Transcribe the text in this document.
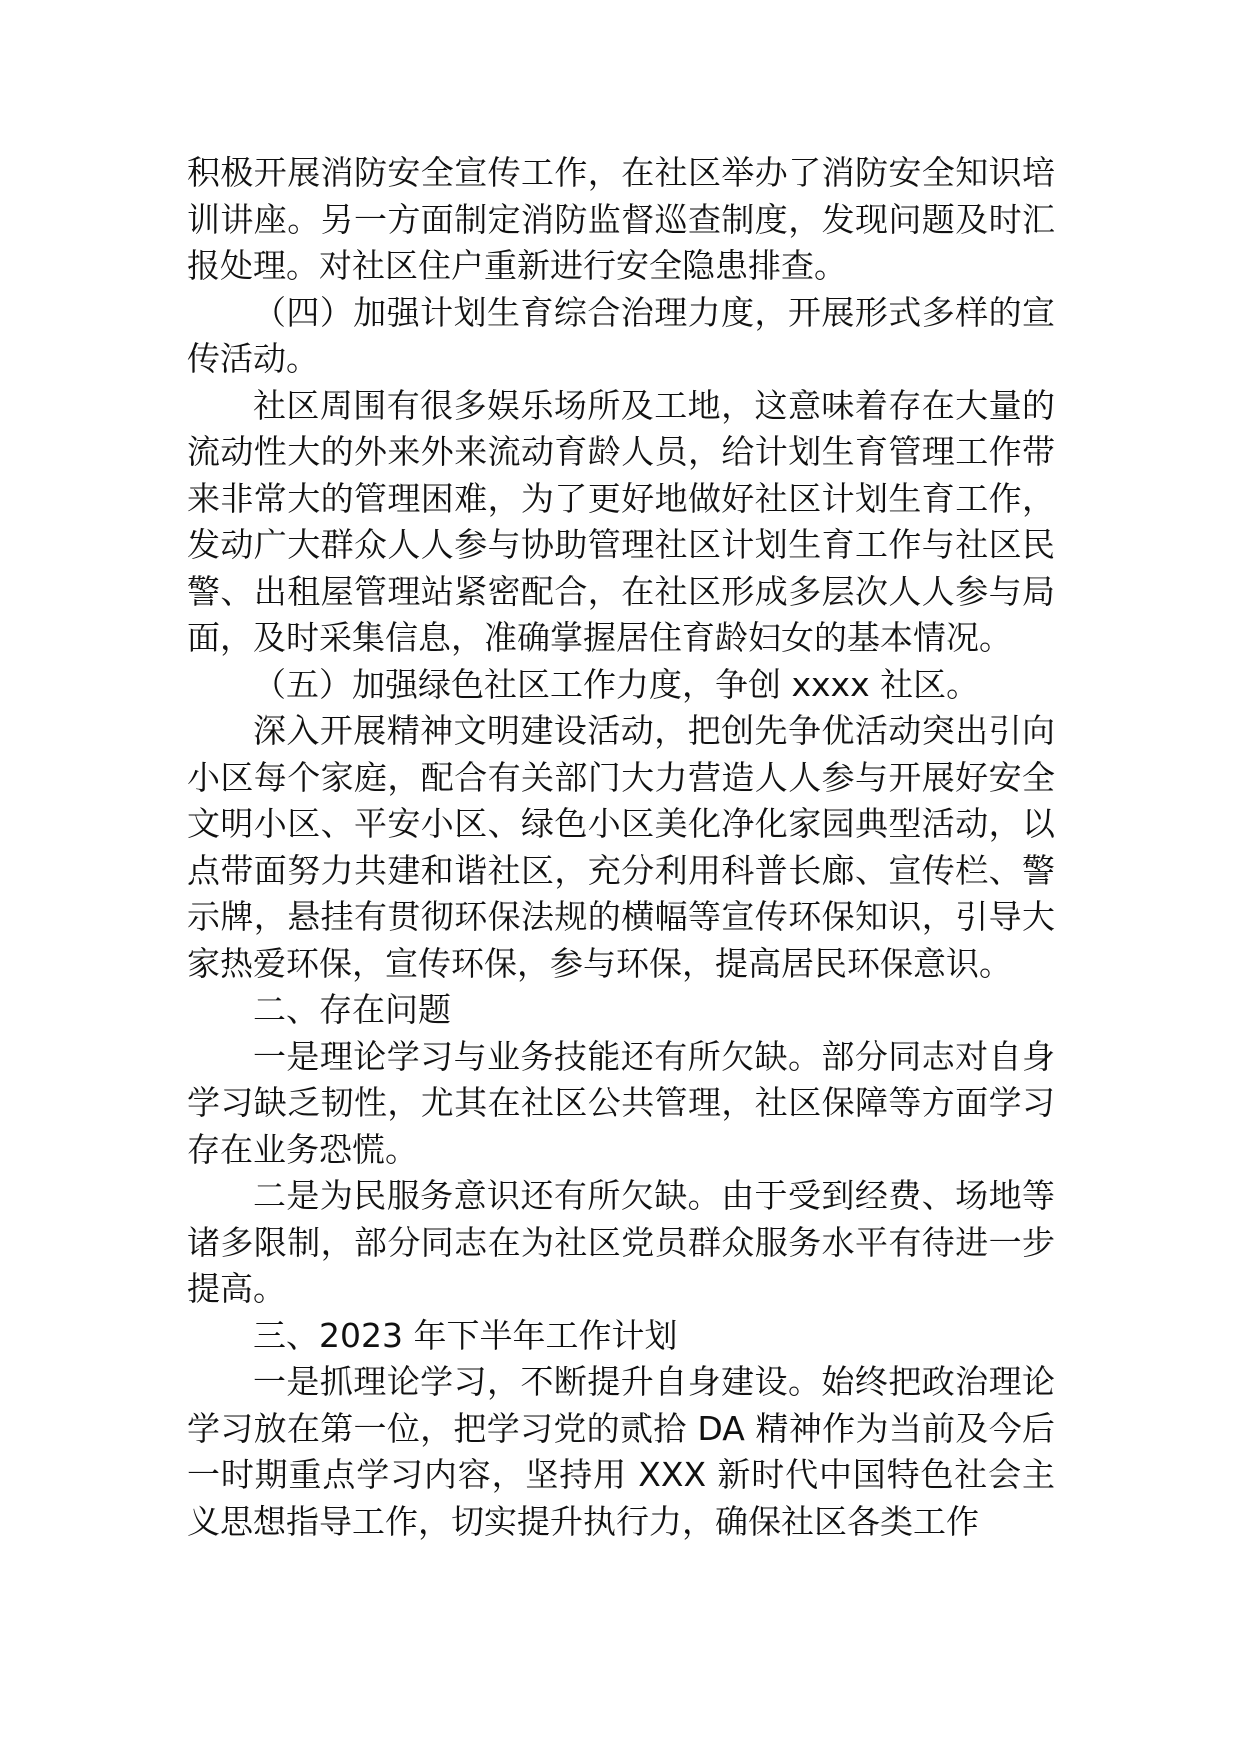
积极开展消防安全宣传工作，在社区举办了消防安全知识培训讲座。另一方面制定消防监督巡查制度，发现问题及时汇报处理。对社区住户重新进行安全隐患排查。

（四）加强计划生育综合治理力度，开展形式多样的宣传活动。

社区周围有很多娱乐场所及工地，这意味着存在大量的流动性大的外来外来流动育龄人员，给计划生育管理工作带来非常大的管理困难，为了更好地做好社区计划生育工作，发动广大群众人人参与协助管理社区计划生育工作与社区民警、出租屋管理站紧密配合，在社区形成多层次人人参与局面，及时采集信息，准确掌握居住育龄妇女的基本情况。

（五）加强绿色社区工作力度，争创 xxxx 社区。

深入开展精神文明建设活动，把创先争优活动突出引向小区每个家庭，配合有关部门大力营造人人参与开展好安全文明小区、平安小区、绿色小区美化净化家园典型活动，以点带面努力共建和谐社区，充分利用科普长廊、宣传栏、警示牌，悬挂有贯彻环保法规的横幅等宣传环保知识，引导大家热爱环保，宣传环保，参与环保，提高居民环保意识。

二、存在问题

一是理论学习与业务技能还有所欠缺。部分同志对自身学习缺乏韧性，尤其在社区公共管理，社区保障等方面学习存在业务恐慌。

二是为民服务意识还有所欠缺。由于受到经费、场地等诸多限制，部分同志在为社区党员群众服务水平有待进一步提高。

三、2023 年下半年工作计划

一是抓理论学习，不断提升自身建设。始终把政治理论学习放在第一位，把学习党的贰拾 DA 精神作为当前及今后一时期重点学习内容，坚持用 XXX 新时代中国特色社会主义思想指导工作，切实提升执行力，确保社区各类工作
